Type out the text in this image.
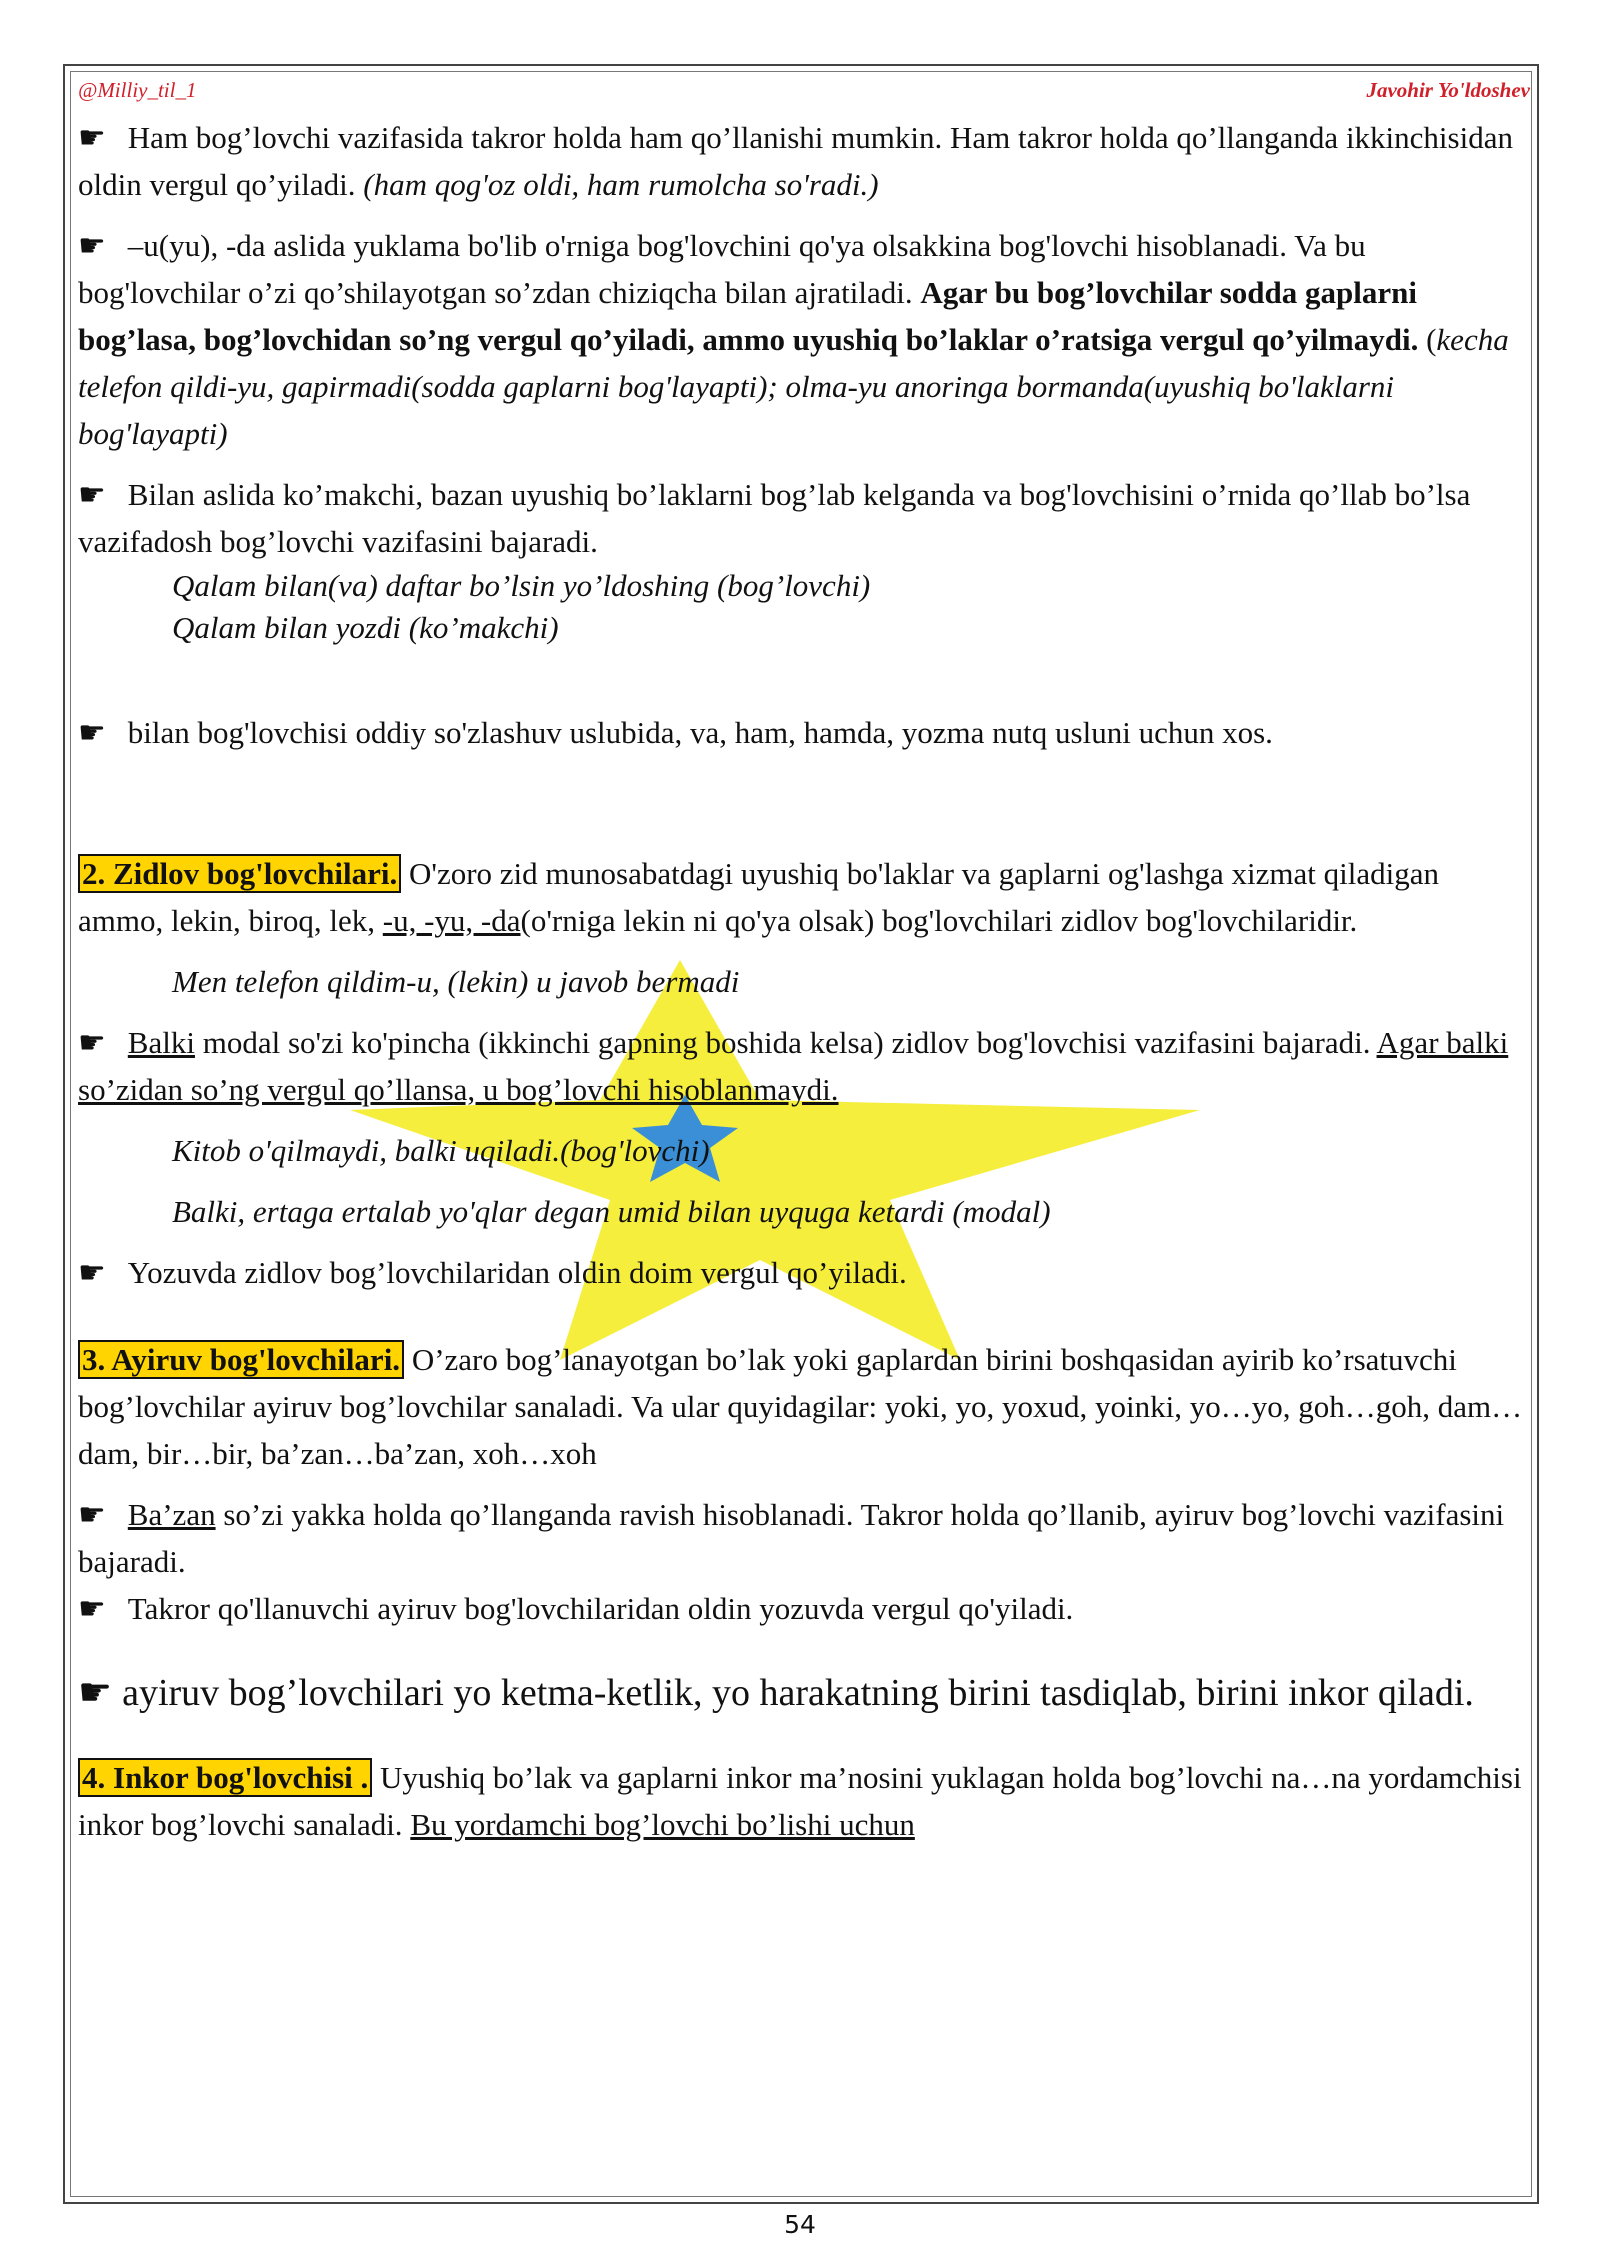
@Milliy_til_1	Javohir Yo'ldoshev

☛ Ham bog’lovchi vazifasida takror holda ham qo’llanishi mumkin. Ham takror holda qo’llanganda ikkinchisidan oldin vergul qo’yiladi. (ham qog'oz oldi, ham rumolcha so'radi.)

☛ –u(yu), -da aslida yuklama bo'lib o'rniga bog'lovchini qo'ya olsakkina bog'lovchi hisoblanadi. Va bu bog'lovchilar o’zi qo’shilayotgan so’zdan chiziqcha bilan ajratiladi. Agar bu bog’lovchilar sodda gaplarni bog’lasa, bog’lovchidan so’ng vergul qo’yiladi, ammo uyushiq bo’laklar o’ratsiga vergul qo’yilmaydi. (kecha telefon qildi-yu, gapirmadi(sodda gaplarni bog'layapti); olma-yu anoringa bormanda(uyushiq bo'laklarni bog'layapti)

☛ Bilan aslida ko’makchi, bazan uyushiq bo’laklarni bog’lab kelganda va bog'lovchisini o’rnida qo’llab bo’lsa vazifadosh bog’lovchi vazifasini bajaradi.

Qalam bilan(va) daftar bo’lsin yo’ldoshing (bog’lovchi)

Qalam bilan yozdi (ko’makchi)

☛ bilan bog'lovchisi oddiy so'zlashuv uslubida, va, ham, hamda, yozma nutq usluni uchun xos.

2. Zidlov bog'lovchilari. O'zoro zid munosabatdagi uyushiq bo'laklar va gaplarni og'lashga xizmat qiladigan ammo, lekin, biroq, lek, -u, -yu, -da(o'rniga lekin ni qo'ya olsak) bog'lovchilari zidlov bog'lovchilaridir.

Men telefon qildim-u, (lekin) u javob bermadi

☛ Balki modal so'zi ko'pincha (ikkinchi gapning boshida kelsa) zidlov bog'lovchisi vazifasini bajaradi. Agar balki so’zidan so’ng vergul qo’llansa, u bog’lovchi hisoblanmaydi.

Kitob o'qilmaydi, balki uqiladi.(bog'lovchi)

Balki, ertaga ertalab yo'qlar degan umid bilan uyquga ketardi (modal)

☛ Yozuvda zidlov bog’lovchilaridan oldin doim vergul qo’yiladi.

3. Ayiruv bog'lovchilari. O’zaro bog’lanayotgan bo’lak yoki gaplardan birini boshqasidan ayirib ko’rsatuvchi bog’lovchilar ayiruv bog’lovchilar sanaladi. Va ular quyidagilar: yoki, yo, yoxud, yoinki, yo…yo, goh…goh, dam…dam, bir…bir, ba’zan…ba’zan, xoh…xoh

☛ Ba’zan so’zi yakka holda qo’llanganda ravish hisoblanadi. Takror holda qo’llanib, ayiruv bog’lovchi vazifasini bajaradi.

☛ Takror qo'llanuvchi ayiruv bog'lovchilaridan oldin yozuvda vergul qo'yiladi.

☛ ayiruv bog’lovchilari yo ketma-ketlik, yo harakatning birini tasdiqlab, birini inkor qiladi.

4. Inkor bog'lovchisi . Uyushiq bo’lak va gaplarni inkor ma’nosini yuklagan holda bog’lovchi na…na yordamchisi inkor bog’lovchi sanaladi. Bu yordamchi bog’lovchi bo’lishi uchun

54
